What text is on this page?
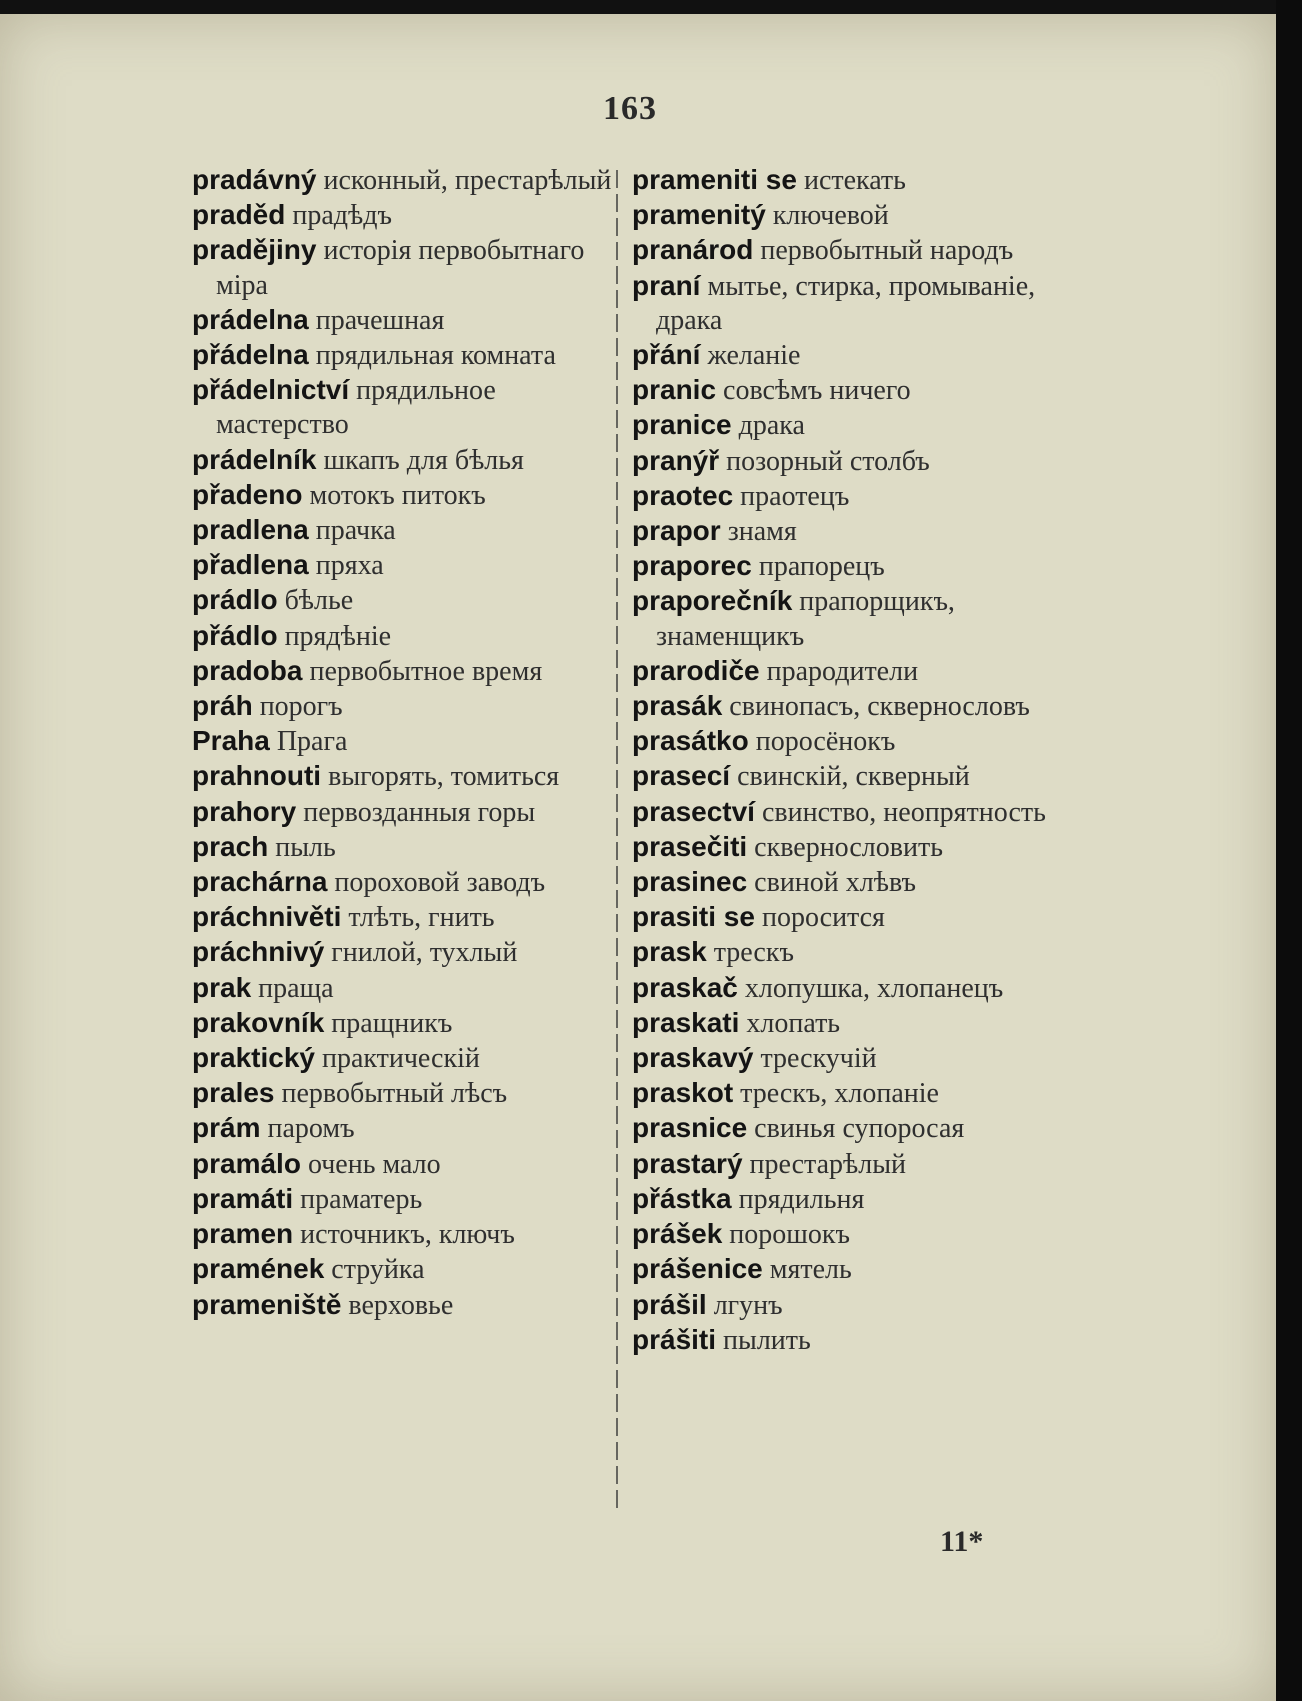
163
pradávný исконный, престарѣлый
praděd прадѣдъ
pradějiny исторія первобытнаго міра
prádelna прачешная
přádelna прядильная комната
přádelnictví прядильное мастерство
prádelník шкапъ для бѣлья
přadeno мотокъ питокъ
pradlena прачка
přadlena пряха
prádlo бѣлье
přádlo прядѣніе
pradoba первобытное время
práh порогъ
Praha Прага
prahnouti выгорять, томиться
prahory первозданныя горы
prach пыль
prachárna пороховой заводъ
práchnivěti тлѣть, гнить
práchnivý гнилой, тухлый
prak праща
prakovník пращникъ
praktický практическій
prales первобытный лѣсъ
prám паромъ
pramálo очень мало
pramáti праматерь
pramen источникъ, ключъ
pramének струйка
prameniště верховье
prameniti se истекать
pramenitý ключевой
pranárod первобытный народъ
praní мытье, стирка, промываніе, драка
přání желаніе
pranic совсѣмъ ничего
pranice драка
pranýř позорный столбъ
praotec праотецъ
prapor знамя
praporec прапорецъ
praporečník прапорщикъ, знаменщикъ
prarodiče прародители
prasák свинопасъ, сквернословъ
prasátko поросёнокъ
prasecí свинскій, скверный
prasectví свинство, неопрятность
prasečiti сквернословить
prasinec свиной хлѣвъ
prasiti se поросится
prask трескъ
praskač хлопушка, хлопанецъ
praskati хлопать
praskavý трескучій
praskot трескъ, хлопаніе
prasnice свинья супоросая
prastarý престарѣлый
přástka прядильня
prášek порошокъ
prášenice мятель
prášil лгунъ
prášiti пылить
11*
